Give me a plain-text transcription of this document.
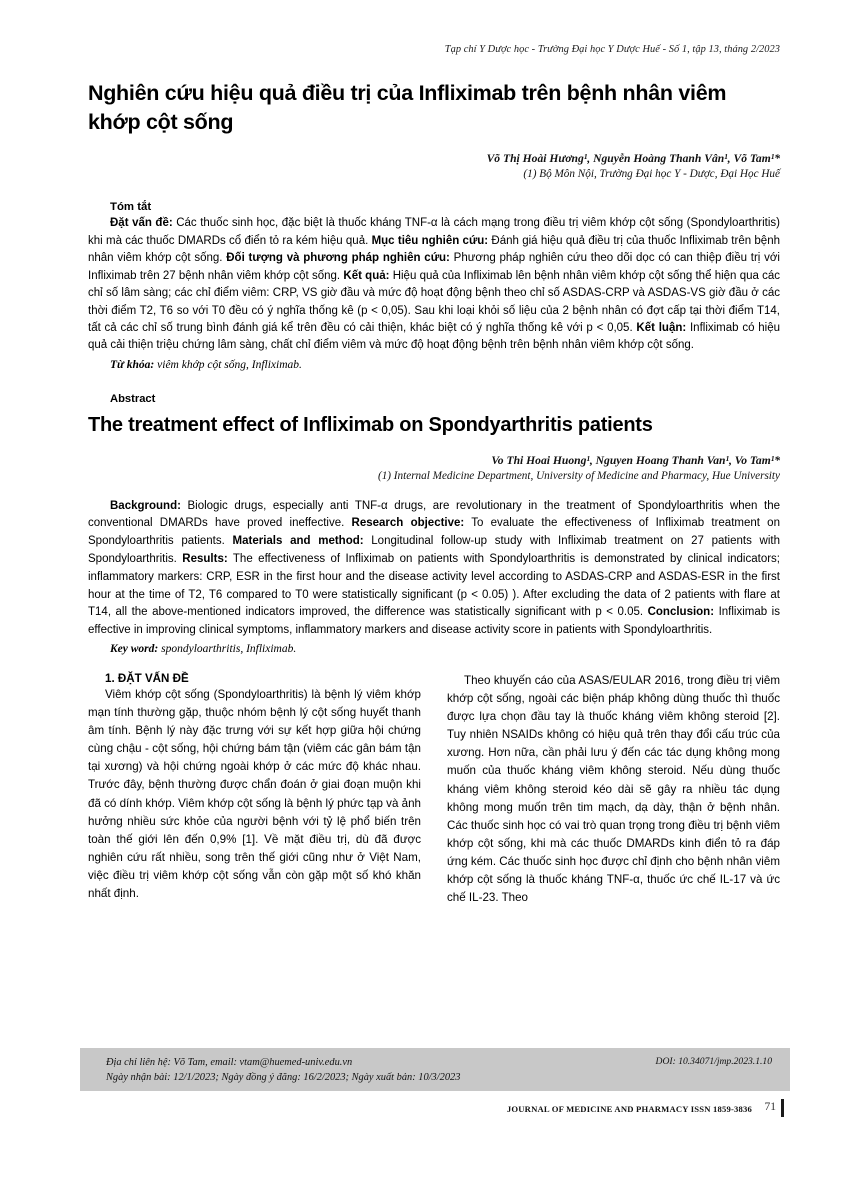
Tạp chí Y Dược học - Trường Đại học Y Dược Huế - Số 1, tập 13, tháng 2/2023
Nghiên cứu hiệu quả điều trị của Infliximab trên bệnh nhân viêm khớp cột sống
Võ Thị Hoài Hương¹, Nguyễn Hoàng Thanh Vân¹, Võ Tam¹*
(1) Bộ Môn Nội, Trường Đại học Y - Dược, Đại Học Huế
Tóm tắt
Đặt vấn đề: Các thuốc sinh học, đặc biệt là thuốc kháng TNF-α là cách mạng trong điều trị viêm khớp cột sống (Spondyloarthritis) khi mà các thuốc DMARDs cổ điển tỏ ra kém hiệu quả. Mục tiêu nghiên cứu: Đánh giá hiệu quả điều trị của thuốc Infliximab trên bệnh nhân viêm khớp cột sống. Đối tượng và phương pháp nghiên cứu: Phương pháp nghiên cứu theo dõi dọc có can thiệp điều trị với Infliximab trên 27 bệnh nhân viêm khớp cột sống. Kết quả: Hiệu quả của Infliximab lên bệnh nhân viêm khớp cột sống thể hiện qua các chỉ số lâm sàng; các chỉ điểm viêm: CRP, VS giờ đầu và mức độ hoạt động bệnh theo chỉ số ASDAS-CRP và ASDAS-VS giờ đầu ở các thời điểm T2, T6 so với T0 đều có ý nghĩa thống kê (p < 0,05). Sau khi loại khỏi số liệu của 2 bệnh nhân có đợt cấp tại thời điểm T14, tất cả các chỉ số trung bình đánh giá kể trên đều có cải thiện, khác biệt có ý nghĩa thống kê với p < 0,05. Kết luận: Infliximab có hiệu quả cải thiện triệu chứng lâm sàng, chất chỉ điểm viêm và mức độ hoạt động bệnh trên bệnh nhân viêm khớp cột sống.
Từ khóa: viêm khớp cột sống, Infliximab.
Abstract
The treatment effect of Infliximab on Spondyarthritis patients
Vo Thi Hoai Huong¹, Nguyen Hoang Thanh Van¹, Vo Tam¹*
(1) Internal Medicine Department, University of Medicine and Pharmacy, Hue University
Background: Biologic drugs, especially anti TNF-α drugs, are revolutionary in the treatment of Spondyloarthritis when the conventional DMARDs have proved ineffective. Research objective: To evaluate the effectiveness of Infliximab treatment on Spondyloarthritis patients. Materials and method: Longitudinal follow-up study with Infliximab treatment on 27 patients with Spondyloarthritis. Results: The effectiveness of Infliximab on patients with Spondyloarthritis is demonstrated by clinical indicators; inflammatory markers: CRP, ESR in the first hour and the disease activity level according to ASDAS-CRP and ASDAS-ESR in the first hour at the time of T2, T6 compared to T0 were statistically significant (p < 0.05) ). After excluding the data of 2 patients with flare at T14, all the above-mentioned indicators improved, the difference was statistically significant with p < 0.05. Conclusion: Infliximab is effective in improving clinical symptoms, inflammatory markers and disease activity score in patients with Spondyloarthritis.
Key word: spondyloarthritis, Infliximab.
1. ĐẶT VẤN ĐỀ

Viêm khớp cột sống (Spondyloarthritis) là bệnh lý viêm khớp mạn tính thường gặp, thuộc nhóm bệnh lý cột sống huyết thanh âm tính. Bệnh lý này đặc trưng với sự kết hợp giữa hội chứng cùng chậu - cột sống, hội chứng bám tận (viêm các gân bám tận tại xương) và hội chứng ngoài khớp ở các mức độ khác nhau. Trước đây, bệnh thường được chẩn đoán ở giai đoạn muộn khi đã có dính khớp. Viêm khớp cột sống là bệnh lý phức tạp và ảnh hưởng nhiều sức khỏe của người bệnh với tỷ lệ phổ biến trên toàn thế giới lên đến 0,9% [1]. Về mặt điều trị, dù đã được nghiên cứu rất nhiều, song trên thế giới cũng như ở Việt Nam, việc điều trị viêm khớp cột sống vẫn còn gặp một số khó khăn nhất định.

Theo khuyến cáo của ASAS/EULAR 2016, trong điều trị viêm khớp cột sống, ngoài các biện pháp không dùng thuốc thì thuốc được lựa chọn đầu tay là thuốc kháng viêm không steroid [2]. Tuy nhiên NSAIDs không có hiệu quả trên thay đổi cấu trúc của xương. Hơn nữa, cần phải lưu ý đến các tác dụng không mong muốn của thuốc kháng viêm không steroid. Nếu dùng thuốc kháng viêm không steroid kéo dài sẽ gây ra nhiều tác dụng không mong muốn trên tim mạch, dạ dày, thận ở bệnh nhân. Các thuốc sinh học có vai trò quan trọng trong điều trị bệnh viêm khớp cột sống, khi mà các thuốc DMARDs kinh điển tỏ ra đáp ứng kém. Các thuốc sinh học được chỉ định cho bệnh nhân viêm khớp cột sống là thuốc kháng TNF-α, thuốc ức chế IL-17 và ức chế IL-23. Theo

Địa chỉ liên hệ: Võ Tam, email: vtam@huemed-univ.edu.vn
Ngày nhận bài: 12/1/2023; Ngày đồng ý đăng: 16/2/2023; Ngày xuất bản: 10/3/2023
DOI: 10.34071/jmp.2023.1.10
JOURNAL OF MEDICINE AND PHARMACY ISSN 1859-3836 71
